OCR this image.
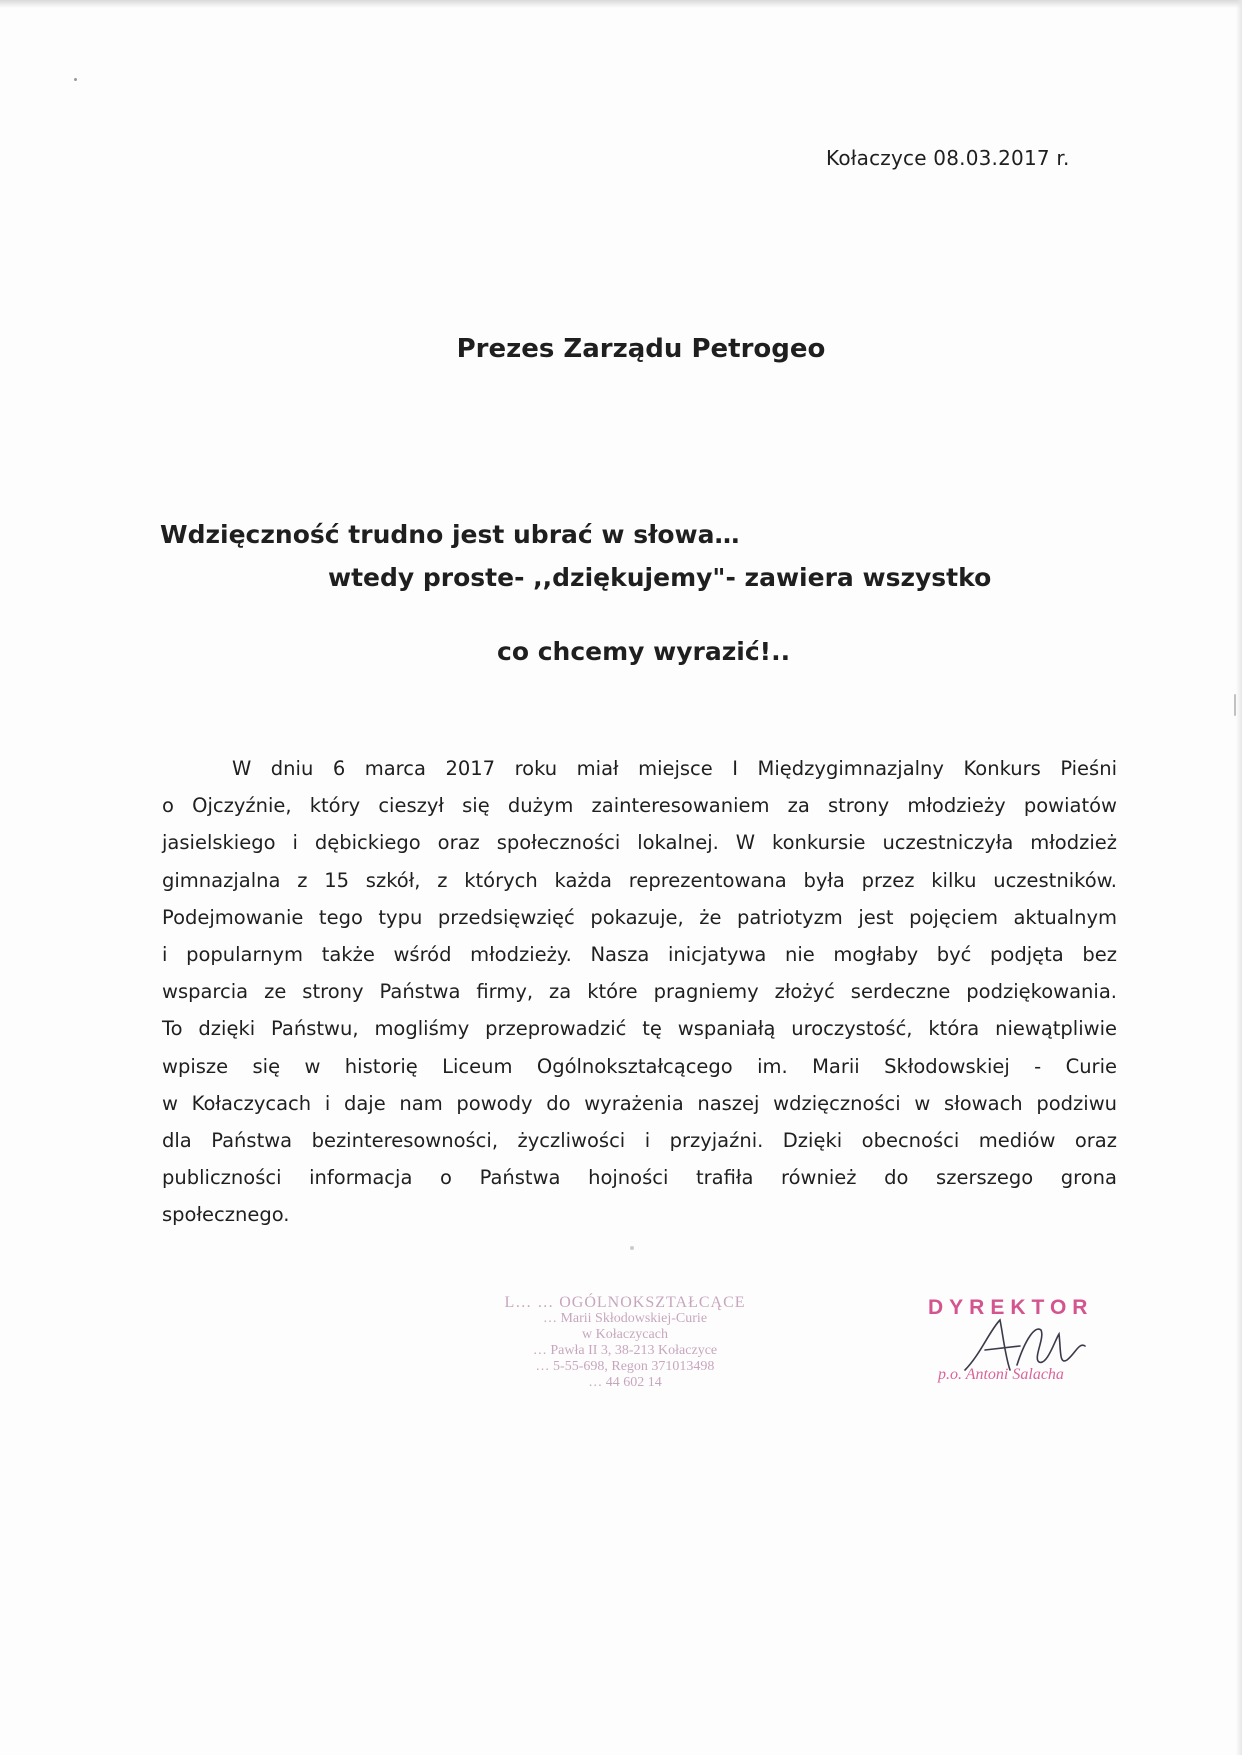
Kołaczyce 08.03.2017 r.
Prezes Zarządu Petrogeo
Wdzięczność trudno jest ubrać w słowa…
wtedy proste- ,,dziękujemy"- zawiera wszystko
co chcemy wyrazić!..
W dniu 6 marca 2017 roku miał miejsce I Międzygimnazjalny Konkurs Pieśni
o Ojczyźnie, który cieszył się dużym zainteresowaniem za strony młodzieży powiatów
jasielskiego i dębickiego oraz społeczności lokalnej. W konkursie uczestniczyła młodzież
gimnazjalna z 15 szkół, z których każda reprezentowana była przez kilku uczestników.
Podejmowanie tego typu przedsięwzięć pokazuje, że patriotyzm jest pojęciem aktualnym
i popularnym także wśród młodzieży. Nasza inicjatywa nie mogłaby być podjęta bez
wsparcia ze strony Państwa firmy, za które pragniemy złożyć serdeczne podziękowania.
To dzięki Państwu, mogliśmy przeprowadzić tę wspaniałą uroczystość, która niewątpliwie
wpisze się w historię Liceum Ogólnokształcącego im. Marii Skłodowskiej - Curie
w Kołaczycach i daje nam powody do wyrażenia naszej wdzięczności w słowach podziwu
dla Państwa bezinteresowności, życzliwości i przyjaźni. Dzięki obecności mediów oraz
publiczności informacja o Państwa hojności trafiła również do szerszego grona
społecznego.
L… … OGÓLNOKSZTAŁCĄCE
… Marii Skłodowskiej-Curie
w Kołaczycach
… Pawła II 3, 38-213 Kołaczyce
… 5-55-698, Regon 371013498
… 44 602 14
DYREKTOR
p.o. Antoni Salacha
